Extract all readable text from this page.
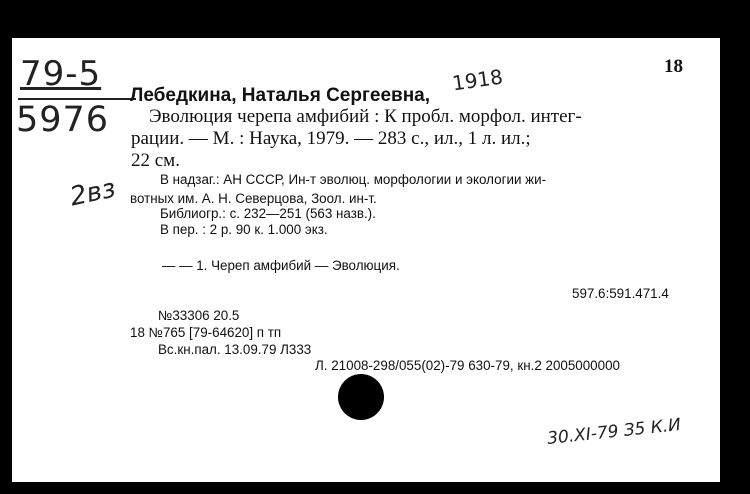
18
79-5
5976
Лебедкина, Наталья Сергеевна,
1918
Эволюция черепа амфибий : К пробл. морфол. интег-
рации. — М. : Наука, 1979. — 283 с., ил., 1 л. ил.;
22 см.
2вз	В надзаг.: АН СССР, Ин-т эволюц. морфологии и экологии жи-
вотных им. А. Н. Северцова, Зоол. ин-т.
Библиогр.: с. 232—251 (563 назв.).
В пер. : 2 р. 90 к. 1.000 экз.
— — 1. Череп амфибий — Эволюция.
597.6:591.471.4
№33306 20.5
18 №765 [79-64620] п тп
Вс.кн.пал. 13.09.79 Л333
Л. 21008-298/055(02)-79 630-79, кн.2 2005000000
30.XI-79 З5 К.И
